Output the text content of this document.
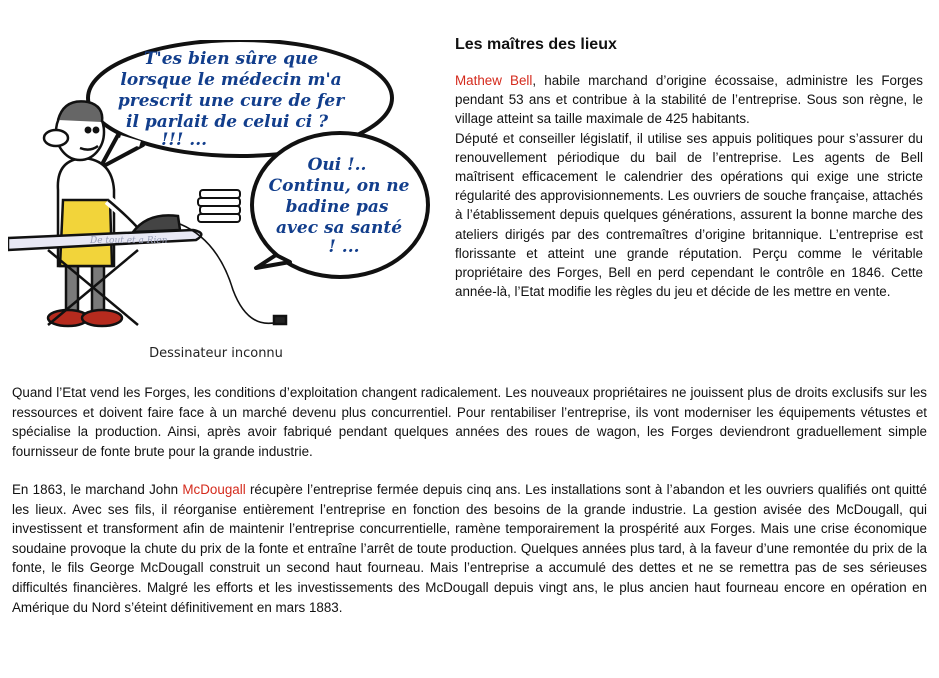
T'es bien sûre que lorsque le médecin m'a prescrit une cure de fer il parlait de celui ci ? !!! ...
Oui !.. Continu, on ne badine pas avec sa santé ! ...
De tout et a Rien
Dessinateur inconnu
Les maîtres des lieux

Mathew Bell, habile marchand d’origine écossaise, administre les Forges pendant 53 ans et contribue à la stabilité de l’entreprise. Sous son règne, le village atteint sa taille maximale de 425 habitants.
Député et conseiller législatif, il utilise ses appuis politiques pour s’assurer du renouvellement périodique du bail de l’entreprise. Les agents de Bell maîtrisent efficacement le calendrier des opérations qui exige une stricte régularité des approvisionnements. Les ouvriers de souche française, attachés à l’établissement depuis quelques générations, assurent la bonne marche des ateliers dirigés par des contremaîtres d’origine britannique. L’entreprise est florissante et atteint une grande réputation. Perçu comme le véritable propriétaire des Forges, Bell en perd cependant le contrôle en 1846. Cette année-là, l’Etat modifie les règles du jeu et décide de les mettre en vente.

Quand l’Etat vend les Forges, les conditions d’exploitation changent radicalement. Les nouveaux propriétaires ne jouissent plus de droits exclusifs sur les ressources et doivent faire face à un marché devenu plus concurrentiel. Pour rentabiliser l’entreprise, ils vont moderniser les équipements vétustes et spécialise la production. Ainsi, après avoir fabriqué pendant quelques années des roues de wagon, les Forges deviendront graduellement simple fournisseur de fonte brute pour la grande industrie.

En 1863, le marchand John McDougall récupère l’entreprise fermée depuis cinq ans. Les installations sont à l’abandon et les ouvriers qualifiés ont quitté les lieux. Avec ses fils, il réorganise entièrement l’entreprise en fonction des besoins de la grande industrie. La gestion avisée des McDougall, qui investissent et transforment afin de maintenir l’entreprise concurrentielle, ramène temporairement la prospérité aux Forges. Mais une crise économique soudaine provoque la chute du prix de la fonte et entraîne l’arrêt de toute production. Quelques années plus tard, à la faveur d’une remontée du prix de la fonte, le fils George McDougall construit un second haut fourneau. Mais l’entreprise a accumulé des dettes et ne se remettra pas de ses sérieuses difficultés financières. Malgré les efforts et les investissements des McDougall depuis vingt ans, le plus ancien haut fourneau encore en opération en Amérique du Nord s’éteint définitivement en mars 1883.
